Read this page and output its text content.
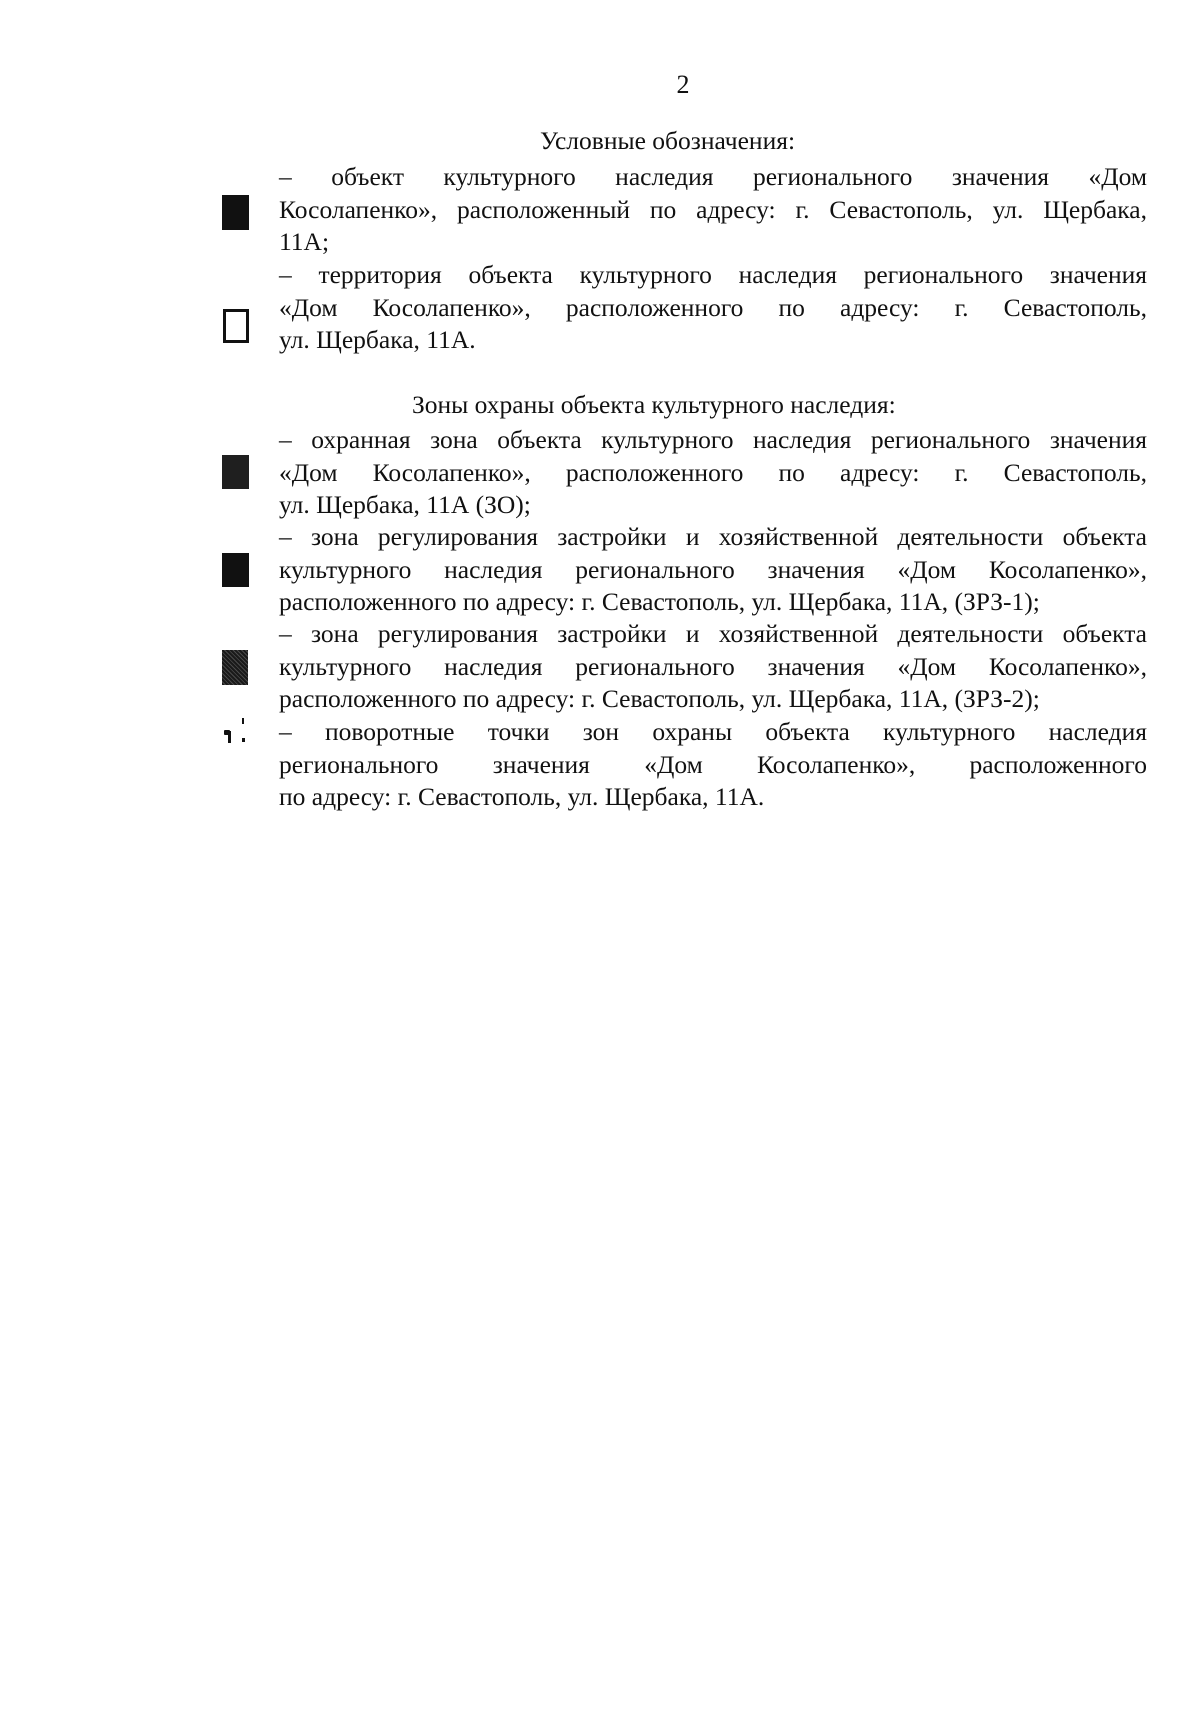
2
Условные обозначения:
– объект культурного наследия регионального значения «Дом
Косолапенко», расположенный по адресу: г. Севастополь, ул. Щербака,
11А;
– территория объекта культурного наследия регионального значения
«Дом Косолапенко», расположенного по адресу: г. Севастополь,
ул. Щербака, 11А.
Зоны охраны объекта культурного наследия:
– охранная зона объекта культурного наследия регионального значения
«Дом Косолапенко», расположенного по адресу: г. Севастополь,
ул. Щербака, 11А (ЗО);
– зона регулирования застройки и хозяйственной деятельности объекта
культурного наследия регионального значения «Дом Косолапенко»,
расположенного по адресу: г. Севастополь, ул. Щербака, 11А, (ЗРЗ-1);
– зона регулирования застройки и хозяйственной деятельности объекта
культурного наследия регионального значения «Дом Косолапенко»,
расположенного по адресу: г. Севастополь, ул. Щербака, 11А, (ЗРЗ-2);
– поворотные точки зон охраны объекта культурного наследия
регионального значения «Дом Косолапенко», расположенного
по адресу: г. Севастополь, ул. Щербака, 11А.
